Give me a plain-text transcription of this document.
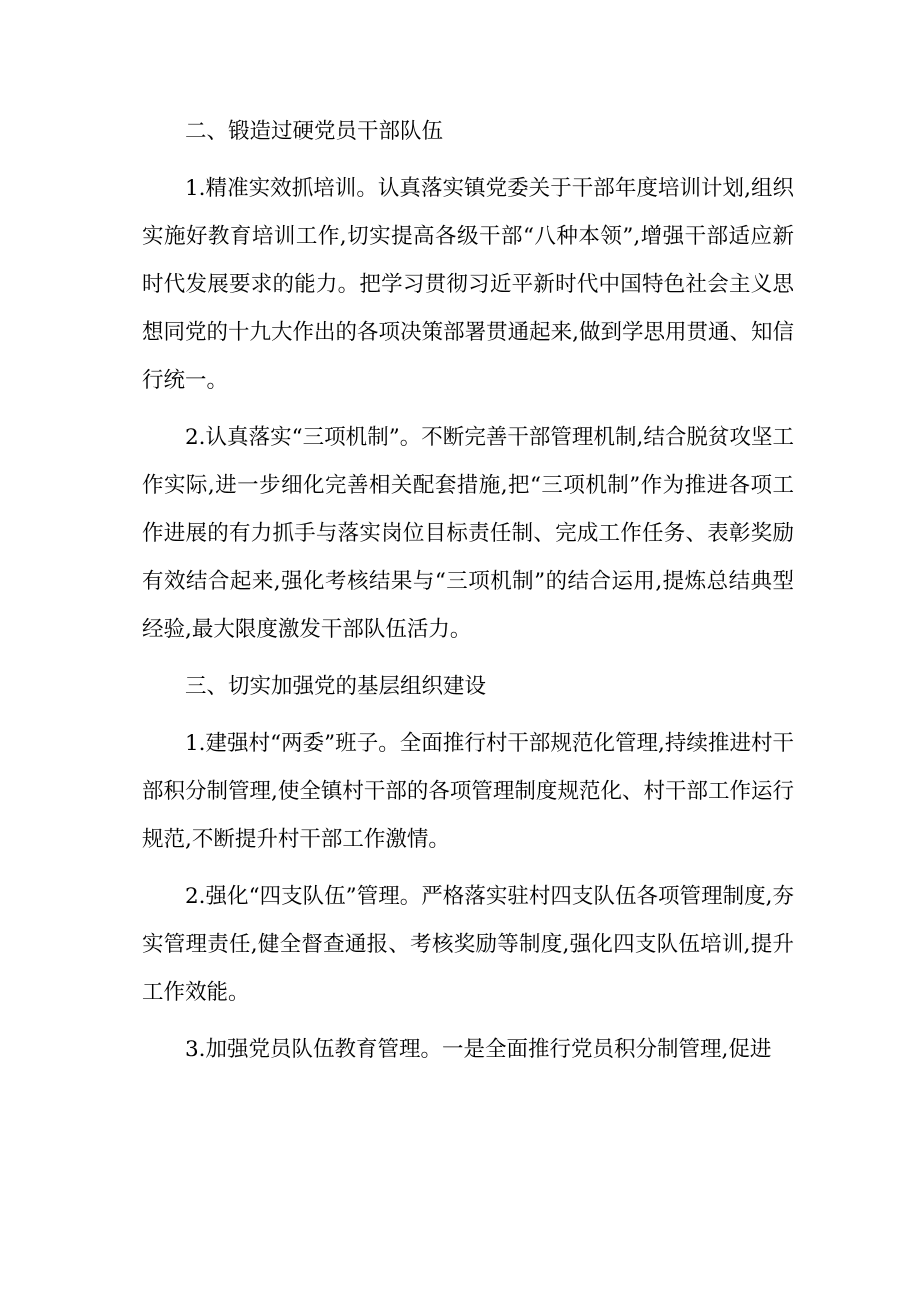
二、锻造过硬党员干部队伍

1.精准实效抓培训。认真落实镇党委关于干部年度培训计划,组织实施好教育培训工作,切实提高各级干部“八种本领”,增强干部适应新时代发展要求的能力。把学习贯彻习近平新时代中国特色社会主义思想同党的十九大作出的各项决策部署贯通起来,做到学思用贯通、知信行统一。

2.认真落实“三项机制”。不断完善干部管理机制,结合脱贫攻坚工作实际,进一步细化完善相关配套措施,把“三项机制”作为推进各项工作进展的有力抓手与落实岗位目标责任制、完成工作任务、表彰奖励有效结合起来,强化考核结果与“三项机制”的结合运用,提炼总结典型经验,最大限度激发干部队伍活力。

三、切实加强党的基层组织建设

1.建强村“两委”班子。全面推行村干部规范化管理,持续推进村干部积分制管理,使全镇村干部的各项管理制度规范化、村干部工作运行规范,不断提升村干部工作激情。

2.强化“四支队伍”管理。严格落实驻村四支队伍各项管理制度,夯实管理责任,健全督查通报、考核奖励等制度,强化四支队伍培训,提升工作效能。

3.加强党员队伍教育管理。一是全面推行党员积分制管理,促进
